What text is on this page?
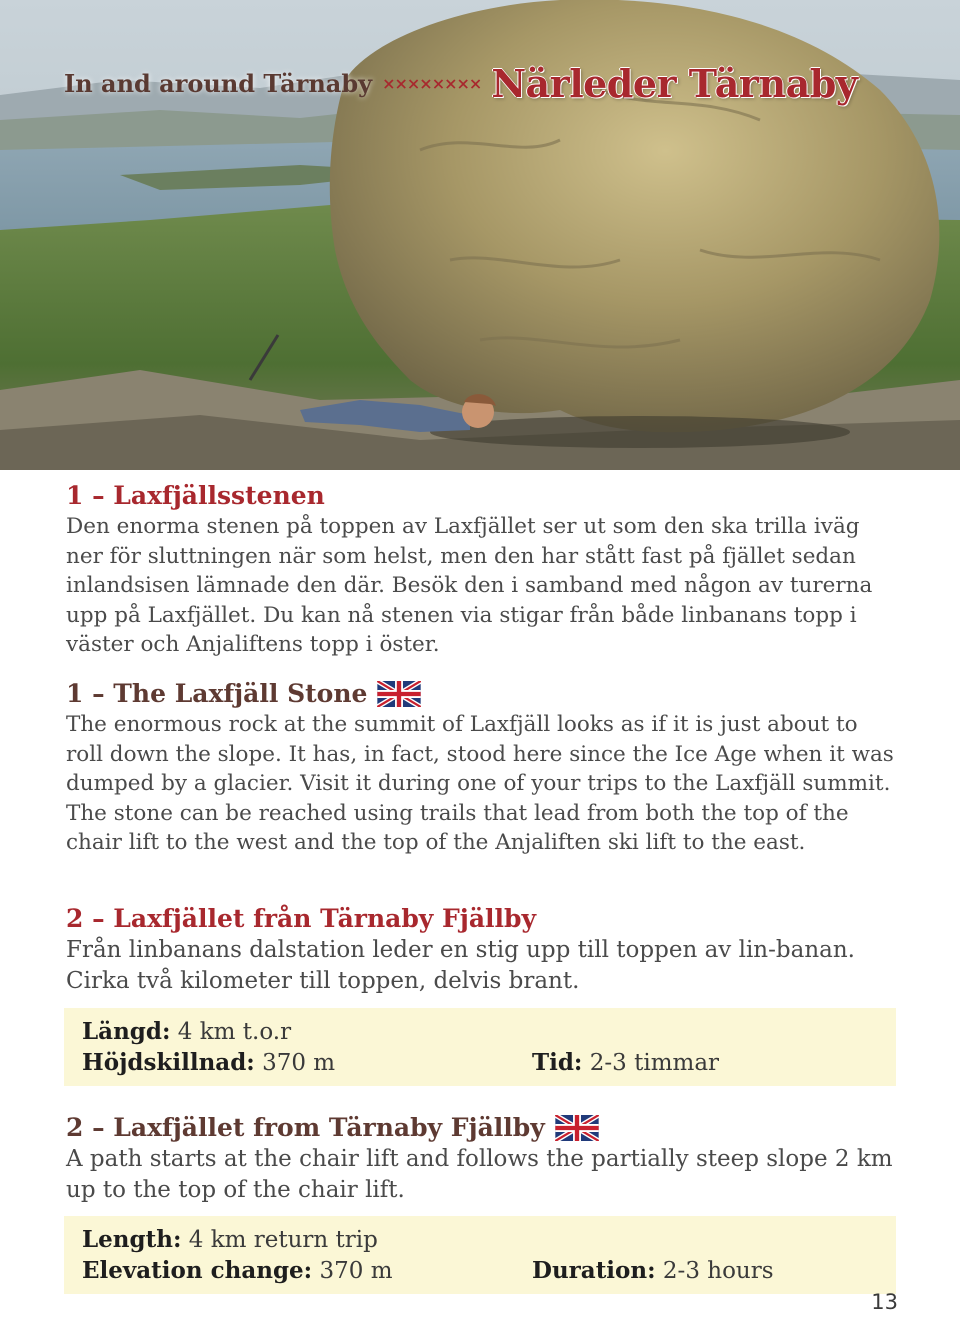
In and around Tärnaby ×××××××× Närleder Tärnaby
1 – Laxfjällsstenen

Den enorma stenen på toppen av Laxfjället ser ut som den ska trilla iväg ner för sluttningen när som helst, men den har stått fast på fjället sedan inlandsisen lämnade den där. Besök den i samband med någon av turerna upp på Laxfjället. Du kan nå stenen via stigar från både linbanans topp i väster och Anjaliftens topp i öster.

1 – The Laxfjäll Stone

The enormous rock at the summit of Laxfjäll looks as if it is just about to roll down the slope. It has, in fact, stood here since the Ice Age when it was dumped by a glacier. Visit it during one of your trips to the Laxfjäll summit. The stone can be reached using trails that lead from both the top of the chair lift to the west and the top of the Anjaliften ski lift to the east.

2 – Laxfjället från Tärnaby Fjällby

Från linbanans dalstation leder en stig upp till toppen av lin-banan. Cirka två kilometer till toppen, delvis brant.

Längd: 4 km t.o.r
Höjdskillnad: 370 m	Tid: 2-3 timmar
2 – Laxfjället from Tärnaby Fjällby

A path starts at the chair lift and follows the partially steep slope 2 km up to the top of the chair lift.

Length: 4 km return trip
Elevation change: 370 m	Duration: 2-3 hours
13
